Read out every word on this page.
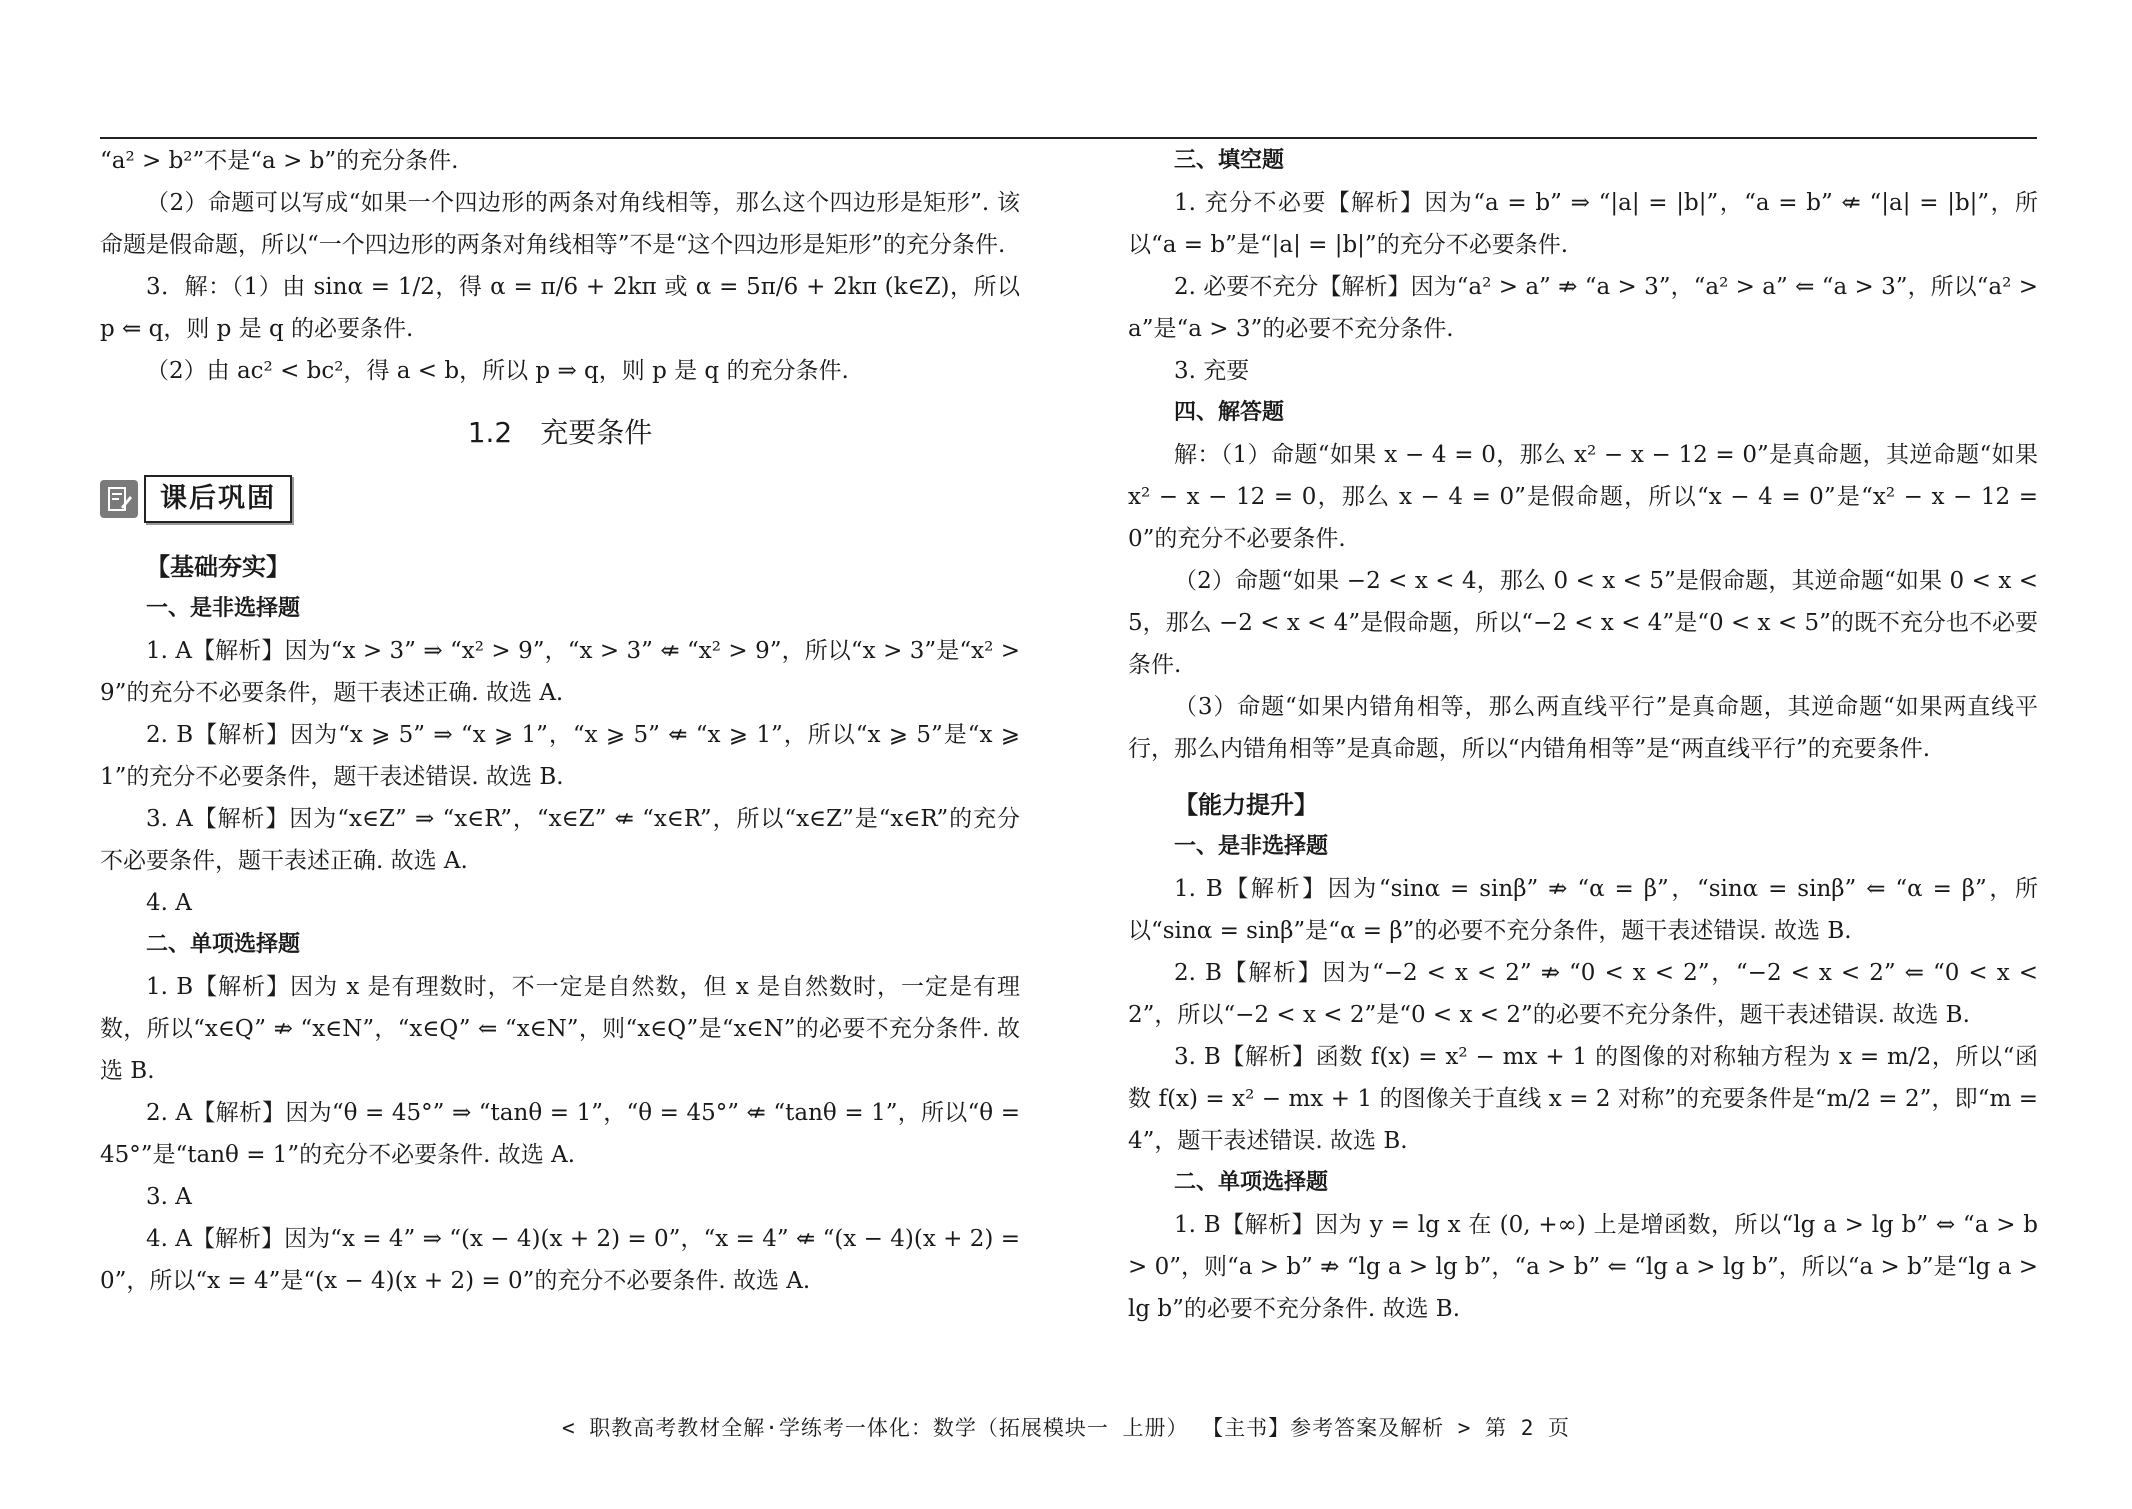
“a² > b²”不是“a > b”的充分条件.

（2）命题可以写成“如果一个四边形的两条对角线相等，那么这个四边形是矩形”. 该命题是假命题，所以“一个四边形的两条对角线相等”不是“这个四边形是矩形”的充分条件.

3．解：（1）由 sinα = 1/2，得 α = π/6 + 2kπ 或 α = 5π/6 + 2kπ (k∈Z)，所以 p ⇐ q，则 p 是 q 的必要条件.

（2）由 ac² < bc²，得 a < b，所以 p ⇒ q，则 p 是 q 的充分条件.

1.2 充要条件
课后巩固

【基础夯实】

一、是非选择题

1. A【解析】因为“x > 3” ⇒ “x² > 9”，“x > 3” ⇍ “x² > 9”，所以“x > 3”是“x² > 9”的充分不必要条件，题干表述正确. 故选 A.

2. B【解析】因为“x ⩾ 5” ⇒ “x ⩾ 1”，“x ⩾ 5” ⇍ “x ⩾ 1”，所以“x ⩾ 5”是“x ⩾ 1”的充分不必要条件，题干表述错误. 故选 B.

3. A【解析】因为“x∈Z” ⇒ “x∈R”，“x∈Z” ⇍ “x∈R”，所以“x∈Z”是“x∈R”的充分不必要条件，题干表述正确. 故选 A.

4. A

二、单项选择题

1. B【解析】因为 x 是有理数时，不一定是自然数，但 x 是自然数时，一定是有理数，所以“x∈Q” ⇏ “x∈N”，“x∈Q” ⇐ “x∈N”，则“x∈Q”是“x∈N”的必要不充分条件. 故选 B.

2. A【解析】因为“θ = 45°” ⇒ “tanθ = 1”，“θ = 45°” ⇍ “tanθ = 1”，所以“θ = 45°”是“tanθ = 1”的充分不必要条件. 故选 A.

3. A

4. A【解析】因为“x = 4” ⇒ “(x − 4)(x + 2) = 0”，“x = 4” ⇍ “(x − 4)(x + 2) = 0”，所以“x = 4”是“(x − 4)(x + 2) = 0”的充分不必要条件. 故选 A.

三、填空题

1. 充分不必要【解析】因为“a = b” ⇒ “|a| = |b|”，“a = b” ⇍ “|a| = |b|”，所以“a = b”是“|a| = |b|”的充分不必要条件.

2. 必要不充分【解析】因为“a² > a” ⇏ “a > 3”，“a² > a” ⇐ “a > 3”，所以“a² > a”是“a > 3”的必要不充分条件.

3. 充要

四、解答题

解：（1）命题“如果 x − 4 = 0，那么 x² − x − 12 = 0”是真命题，其逆命题“如果 x² − x − 12 = 0，那么 x − 4 = 0”是假命题，所以“x − 4 = 0”是“x² − x − 12 = 0”的充分不必要条件.

（2）命题“如果 −2 < x < 4，那么 0 < x < 5”是假命题，其逆命题“如果 0 < x < 5，那么 −2 < x < 4”是假命题，所以“−2 < x < 4”是“0 < x < 5”的既不充分也不必要条件.

（3）命题“如果内错角相等，那么两直线平行”是真命题，其逆命题“如果两直线平行，那么内错角相等”是真命题，所以“内错角相等”是“两直线平行”的充要条件.

【能力提升】

一、是非选择题

1. B【解析】因为“sinα = sinβ” ⇏ “α = β”，“sinα = sinβ” ⇐ “α = β”，所以“sinα = sinβ”是“α = β”的必要不充分条件，题干表述错误. 故选 B.

2. B【解析】因为“−2 < x < 2” ⇏ “0 < x < 2”，“−2 < x < 2” ⇐ “0 < x < 2”，所以“−2 < x < 2”是“0 < x < 2”的必要不充分条件，题干表述错误. 故选 B.

3. B【解析】函数 f(x) = x² − mx + 1 的图像的对称轴方程为 x = m/2，所以“函数 f(x) = x² − mx + 1 的图像关于直线 x = 2 对称”的充要条件是“m/2 = 2”，即“m = 4”，题干表述错误. 故选 B.

二、单项选择题

1. B【解析】因为 y = lg x 在 (0, +∞) 上是增函数，所以“lg a > lg b” ⇔ “a > b > 0”，则“a > b” ⇏ “lg a > lg b”，“a > b” ⇐ “lg a > lg b”，所以“a > b”是“lg a > lg b”的必要不充分条件. 故选 B.

< 职教高考教材全解·学练考一体化：数学（拓展模块一 上册） 【主书】参考答案及解析 > 第 2 页
